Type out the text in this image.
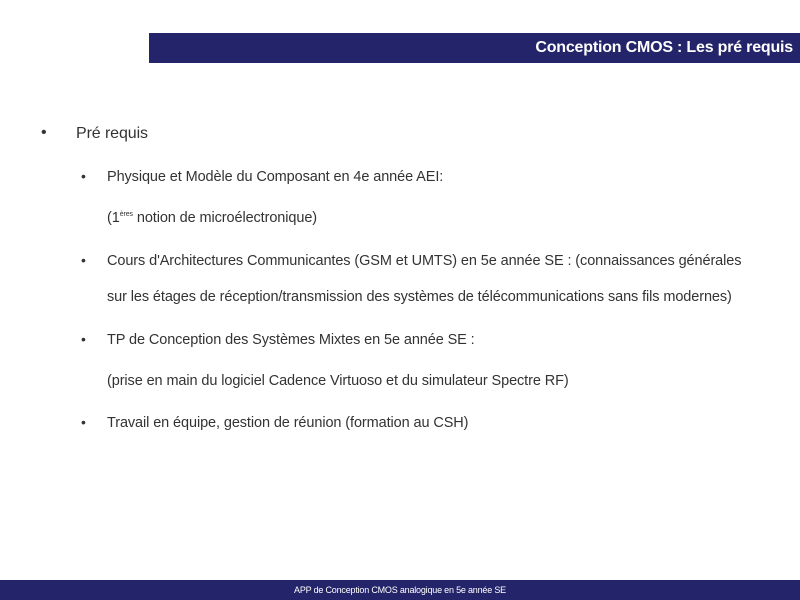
Conception CMOS : Les pré requis
• Pré requis
• Physique et Modèle du Composant en 4e année AEI:
(1ères notion de microélectronique)
• Cours d'Architectures Communicantes (GSM et UMTS) en 5e année SE : (connaissances générales
sur les étages de réception/transmission des systèmes de télécommunications sans fils modernes)
• TP de Conception des Systèmes Mixtes en 5e année SE :
(prise en main du logiciel Cadence Virtuoso et du simulateur Spectre RF)
• Travail en équipe, gestion de réunion (formation au CSH)
APP de Conception CMOS analogique en 5e année SE
